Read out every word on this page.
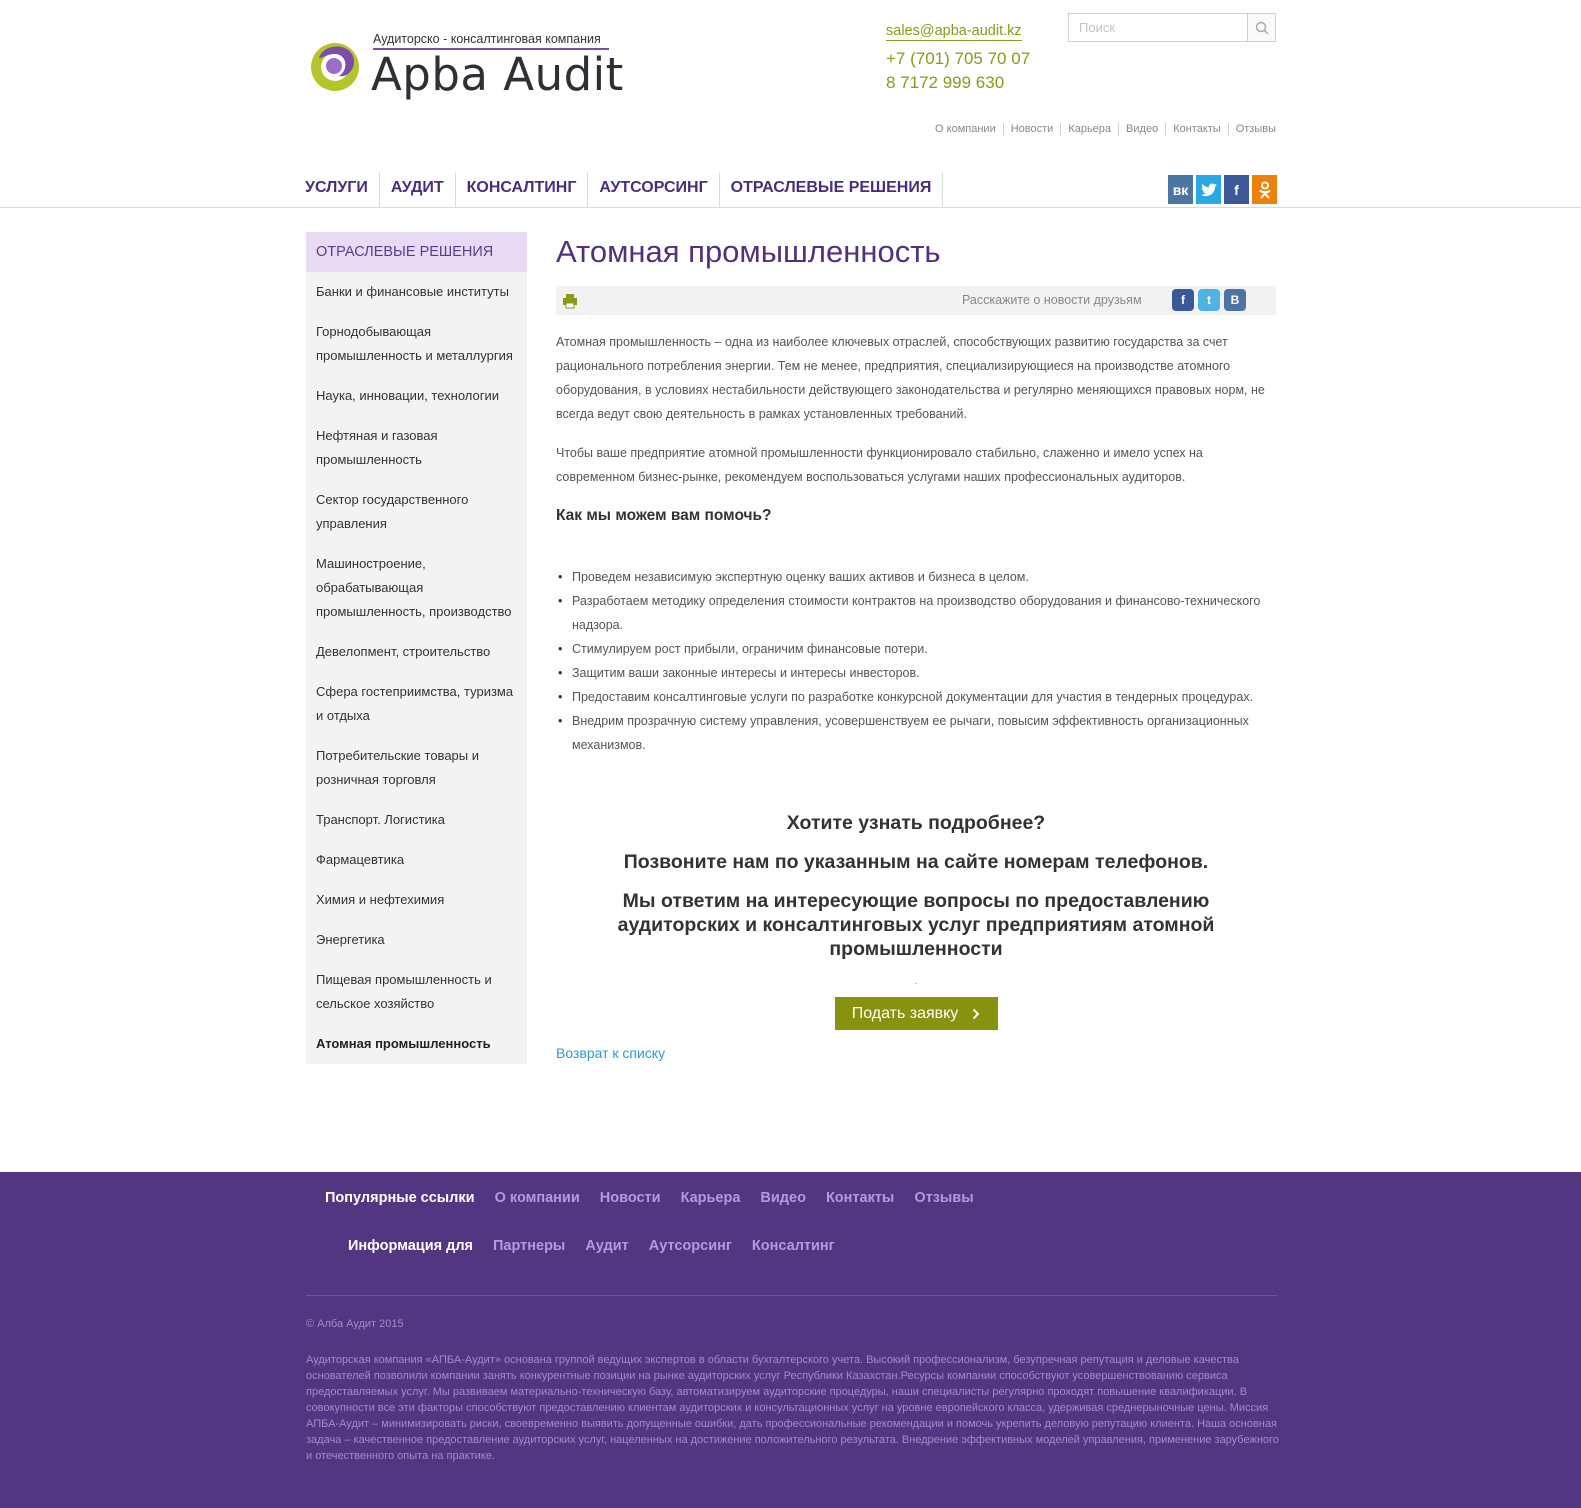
Аудиторско - консалтинговая компания
Apba Audit
sales@apba-audit.kz
+7 (701) 705 70 07
8 7172 999 630
Поиск
О компании	Новости	Карьера	Видео	Контакты	Отзывы
УСЛУГИ	АУДИТ	КОНСАЛТИНГ	АУТСОРСИНГ	ОТРАСЛЕВЫЕ РЕШЕНИЯ	вк	f
ОТРАСЛЕВЫЕ РЕШЕНИЯ
Банки и финансовые институты
Горнодобывающая промышленность и металлургия
Наука, инновации, технологии
Нефтяная и газовая промышленность
Сектор государственного управления
Машиностроение, обрабатывающая промышленность, производство
Девелопмент, строительство
Сфера гостеприимства, туризма и отдыха
Потребительские товары и розничная торговля
Транспорт. Логистика
Фармацевтика
Химия и нефтехимия
Энергетика
Пищевая промышленность и сельское хозяйство
Атомная промышленность
Атомная промышленность
Расскажите о новости друзьям	f	t	B

Атомная промышленность – одна из наиболее ключевых отраслей, способствующих развитию государства за счет рационального потребления энергии. Тем не менее, предприятия, специализирующиеся на производстве атомного оборудования, в условиях нестабильности действующего законодательства и регулярно меняющихся правовых норм, не всегда ведут свою деятельность в рамках установленных требований.

Чтобы ваше предприятие атомной промышленности функционировало стабильно, слаженно и имело успех на современном бизнес-рынке, рекомендуем воспользоваться услугами наших профессиональных аудиторов.

Как мы можем вам помочь?
• Проведем независимую экспертную оценку ваших активов и бизнеса в целом.
• Разработаем методику определения стоимости контрактов на производство оборудования и финансово-технического надзора.
• Стимулируем рост прибыли, ограничим финансовые потери.
• Защитим ваши законные интересы и интересы инвесторов.
• Предоставим консалтинговые услуги по разработке конкурсной документации для участия в тендерных процедурах.
• Внедрим прозрачную систему управления, усовершенствуем ее рычаги, повысим эффективность организационных механизмов.
Хотите узнать подробнее?
Позвоните нам по указанным на сайте номерам телефонов.
Мы ответим на интересующие вопросы по предоставлению аудиторских и консалтинговых услуг предприятиям атомной промышленности
.
Подать заявку
Возврат к списку
Популярные ссылки О компании Новости Карьера Видео Контакты Отзывы
Информация для Партнеры Аудит Аутсорсинг Консалтинг
© Алба Аудит 2015
Аудиторская компания «АПБА-Аудит» основана группой ведущих экспертов в области бухгалтерского учета. Высокий профессионализм, безупречная репутация и деловые качества основателей позволили компании занять конкурентные позиции на рынке аудиторских услуг Республики Казахстан.Ресурсы компании способствуют усовершенствованию сервиса предоставляемых услуг. Мы развиваем материально-техническую базу, автоматизируем аудиторские процедуры, наши специалисты регулярно проходят повышение квалификации. В совокупности все эти факторы способствуют предоставлению клиентам аудиторских и консультационных услуг на уровне европейского класса, удерживая среднерыночные цены. Миссия АПБА-Аудит – минимизировать риски, своевременно выявить допущенные ошибки, дать профессиональные рекомендации и помочь укрепить деловую репутацию клиента. Наша основная задача – качественное предоставление аудиторских услуг, нацеленных на достижение положительного результата. Внедрение эффективных моделей управления, применение зарубежного и отечественного опыта на практике.
